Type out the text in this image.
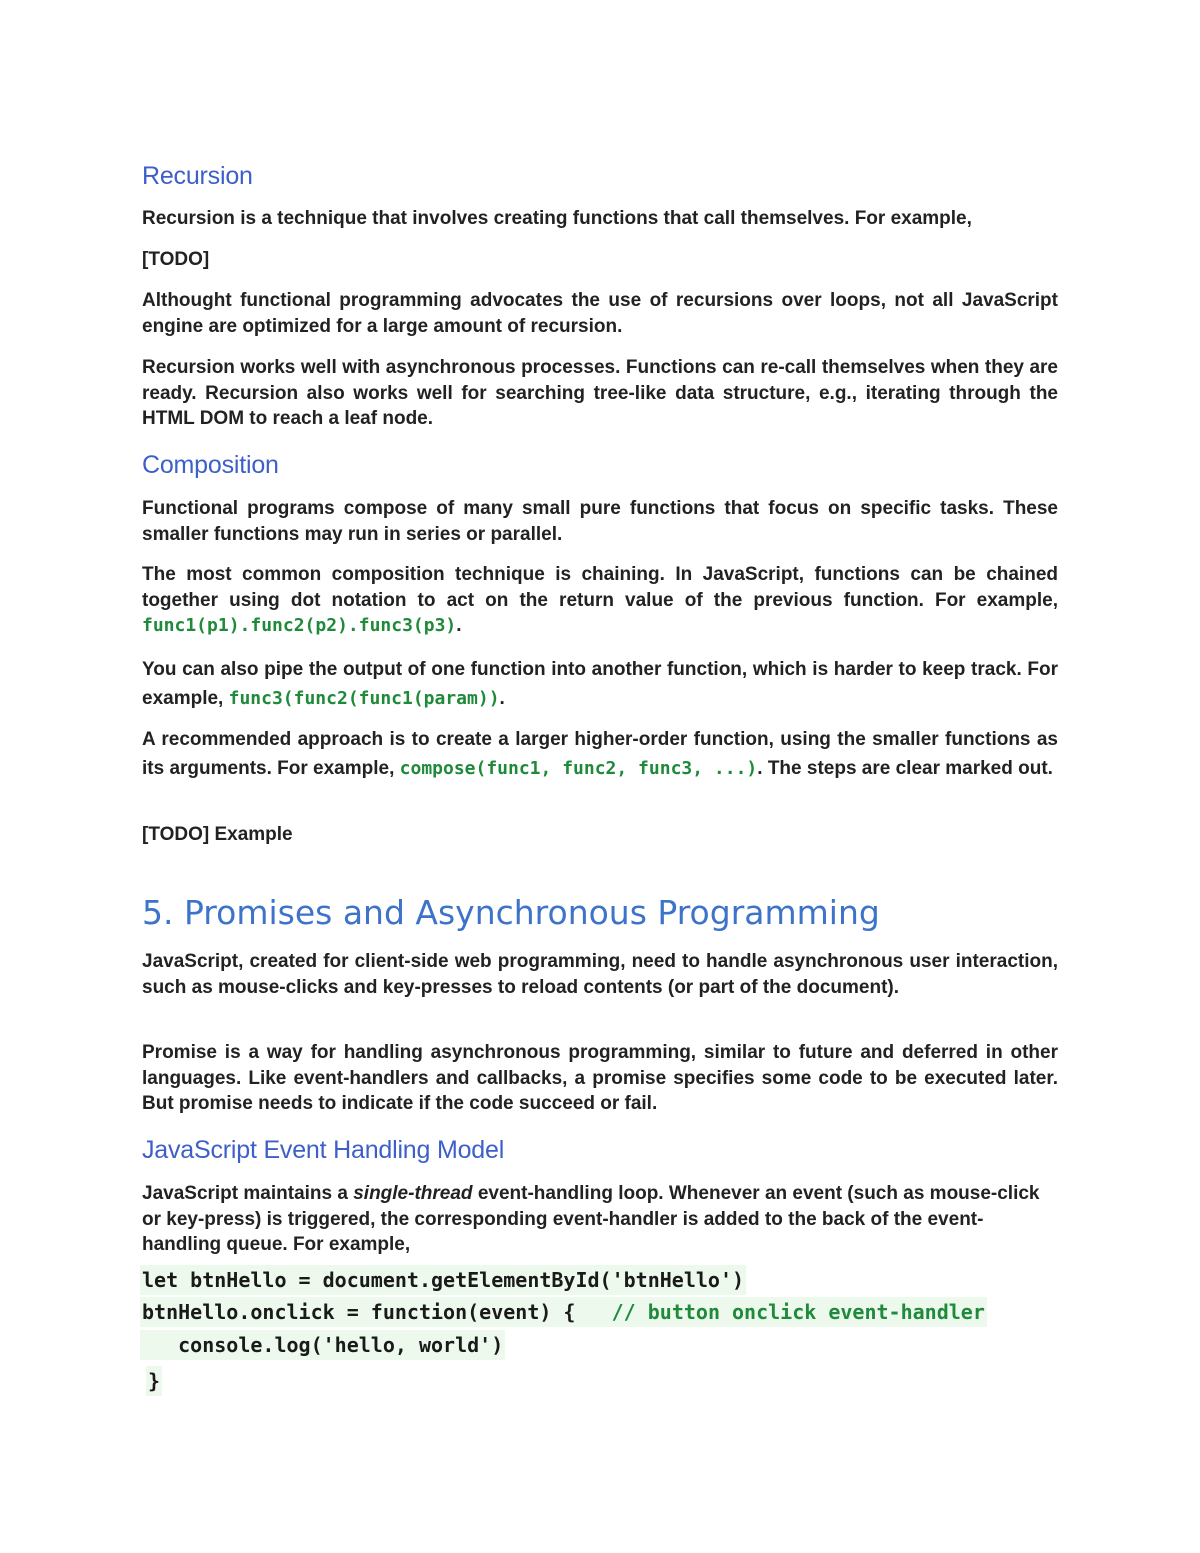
Recursion

Recursion is a technique that involves creating functions that call themselves. For example,

[TODO]

Althought functional programming advocates the use of recursions over loops, not all JavaScript engine are optimized for a large amount of recursion.

Recursion works well with asynchronous processes. Functions can re-call themselves when they are ready. Recursion also works well for searching tree-like data structure, e.g., iterating through the HTML DOM to reach a leaf node.

Composition

Functional programs compose of many small pure functions that focus on specific tasks. These smaller functions may run in series or parallel.

The most common composition technique is chaining. In JavaScript, functions can be chained together using dot notation to act on the return value of the previous function. For example, func1(p1).func2(p2).func3(p3).

You can also pipe the output of one function into another function, which is harder to keep track. For example, func3(func2(func1(param)).

A recommended approach is to create a larger higher-order function, using the smaller functions as its arguments. For example, compose(func1, func2, func3, ...). The steps are clear marked out.

[TODO] Example

5. Promises and Asynchronous Programming

JavaScript, created for client-side web programming, need to handle asynchronous user interaction, such as mouse-clicks and key-presses to reload contents (or part of the document).

Promise is a way for handling asynchronous programming, similar to future and deferred in other languages. Like event-handlers and callbacks, a promise specifies some code to be executed later. But promise needs to indicate if the code succeed or fail.

JavaScript Event Handling Model

JavaScript maintains a single-thread event-handling loop. Whenever an event (such as mouse-click or key-press) is triggered, the corresponding event-handler is added to the back of the event-handling queue. For example,

let btnHello = document.getElementById('btnHello')
btnHello.onclick = function(event) {   // button onclick event-handler
console.log('hello, world')
}
